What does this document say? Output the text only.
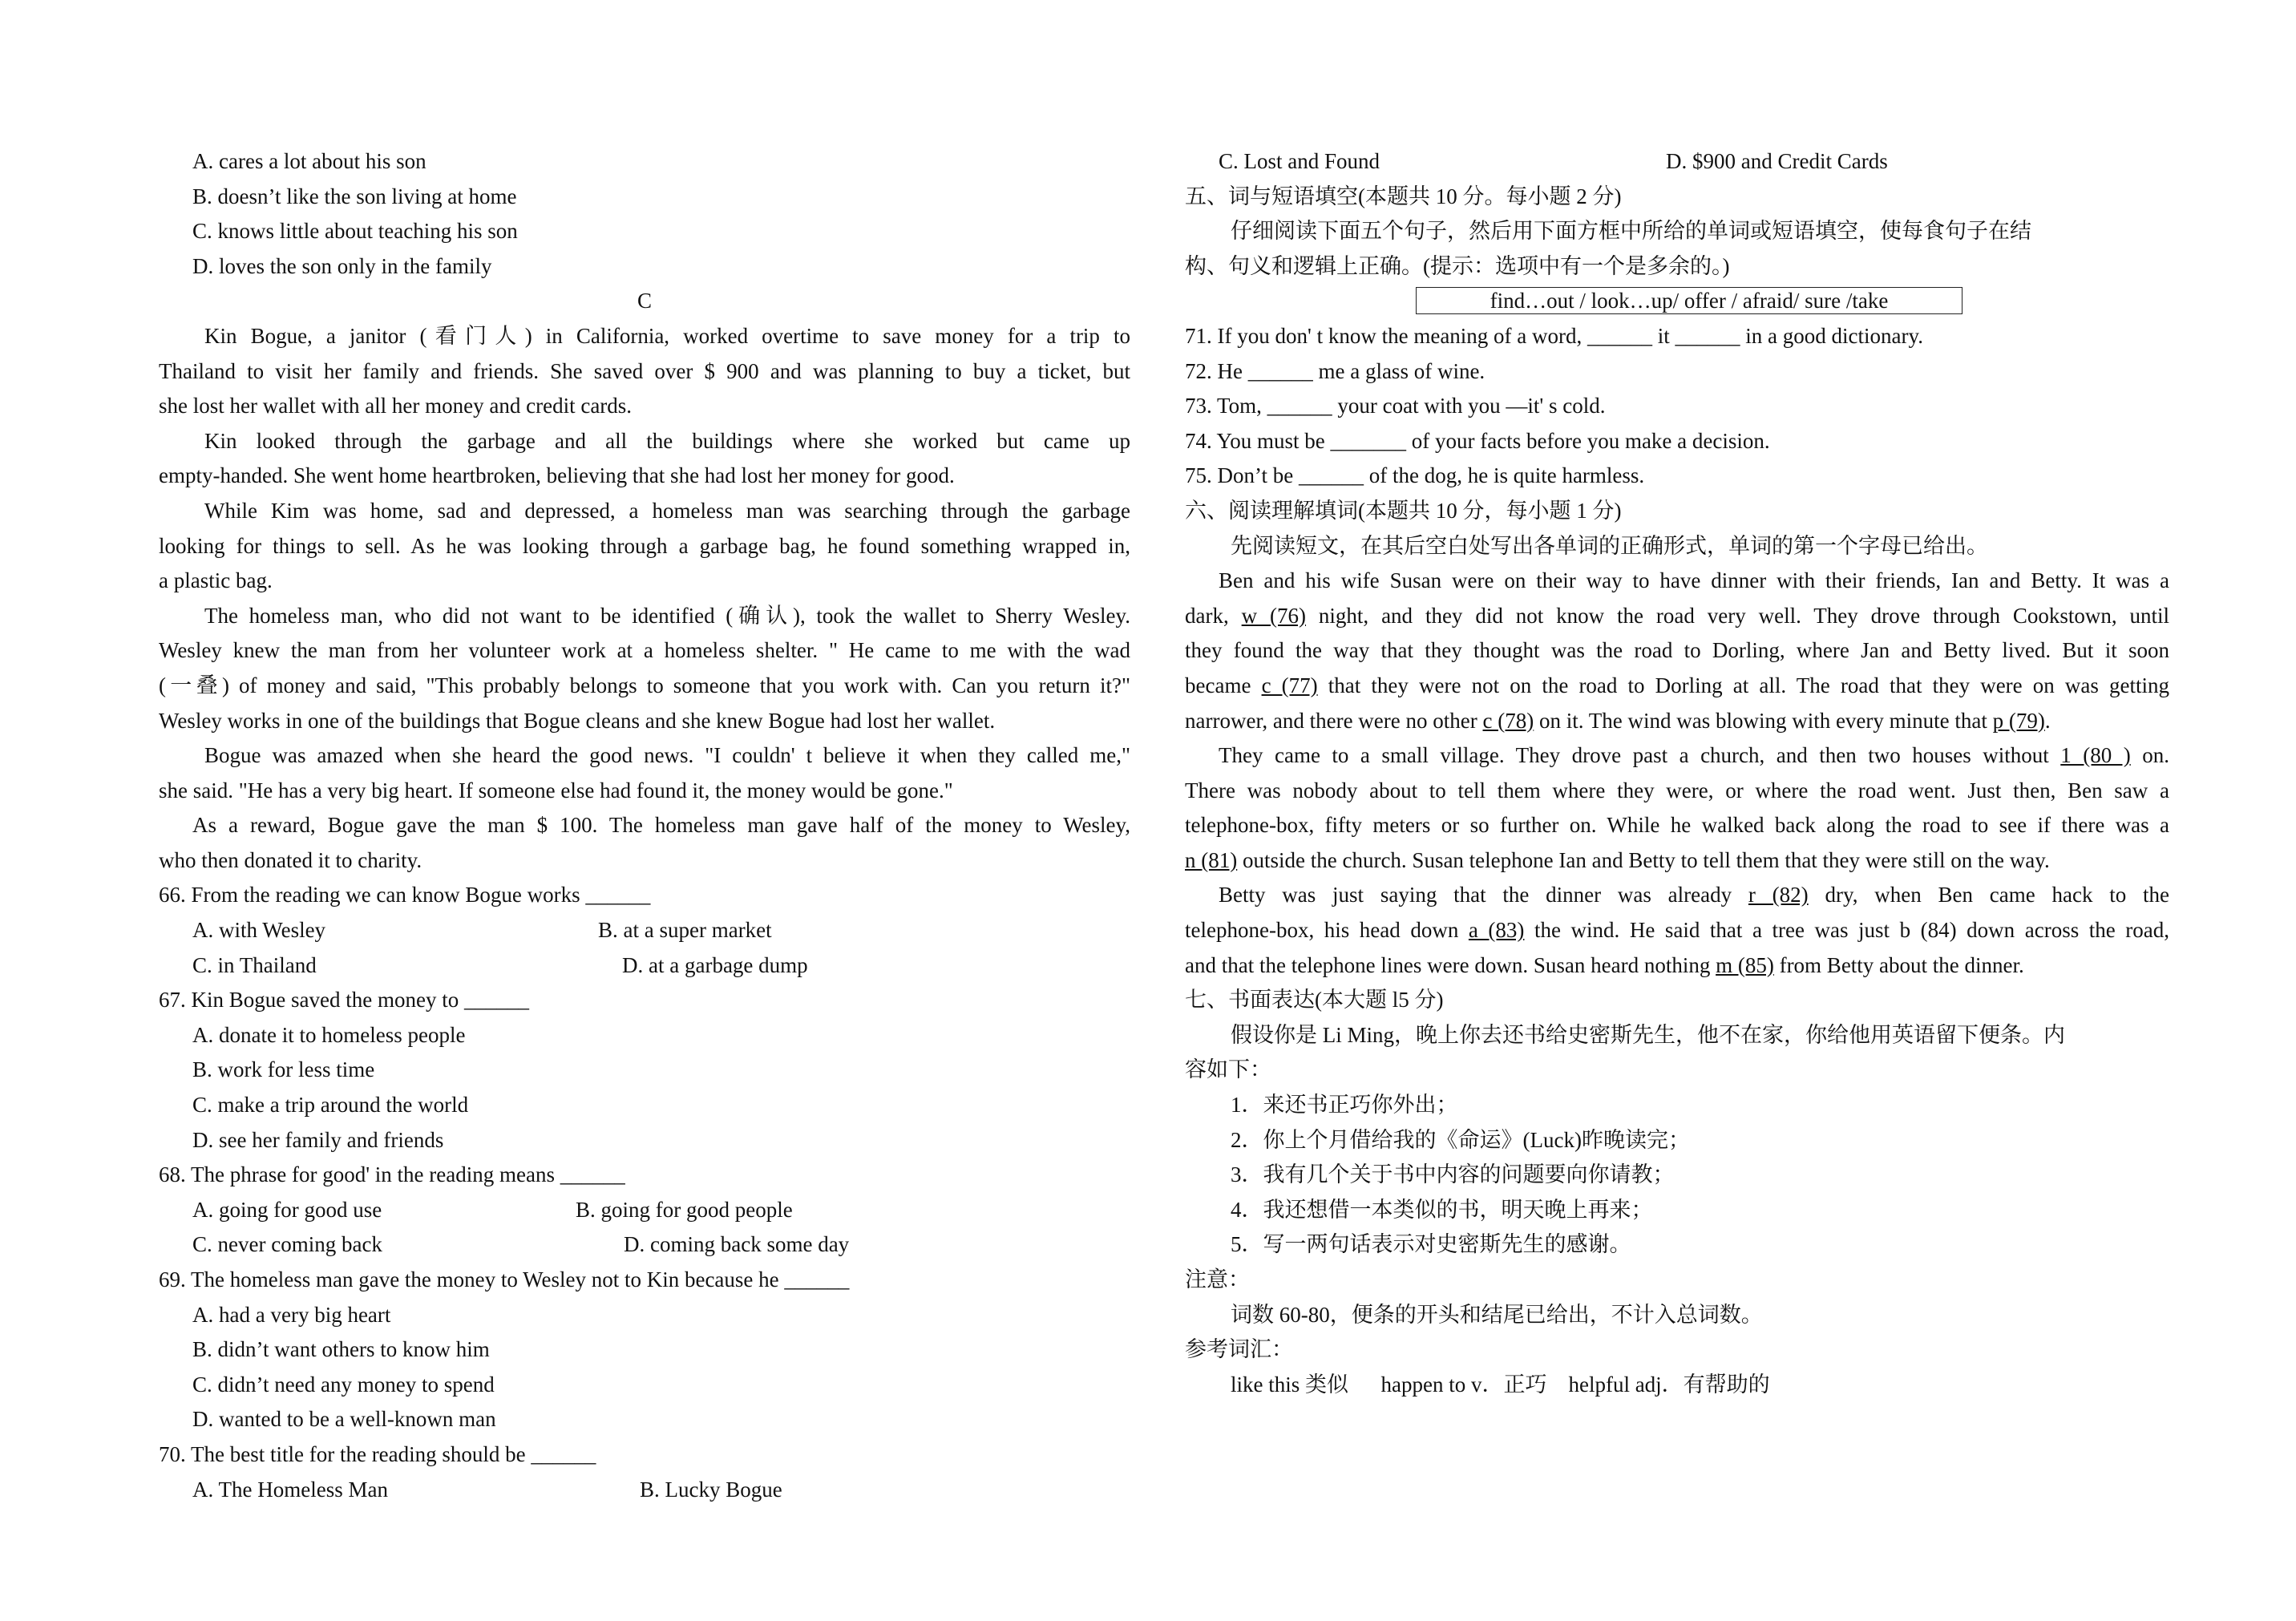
A. cares a lot about his son
B. doesn’t like the son living at home
C. knows little about teaching his son
D. loves the son only in the family
C
Kin Bogue, a janitor (看门人) in California, worked overtime to save money for a trip to
Thailand to visit her family and friends. She saved over $ 900 and was planning to buy a ticket, but
she lost her wallet with all her money and credit cards.
Kin looked through the garbage and all the buildings where she worked but came up
empty-handed. She went home heartbroken, believing that she had lost her money for good.
While Kim was home, sad and depressed, a homeless man was searching through the garbage
looking for things to sell. As he was looking through a garbage bag, he found something wrapped in,
a plastic bag.
The homeless man, who did not want to be identified (确认), took the wallet to Sherry Wesley.
Wesley knew the man from her volunteer work at a homeless shelter. " He came to me with the wad
(一叠) of money and said, "This probably belongs to someone that you work with. Can you return it?"
Wesley works in one of the buildings that Bogue cleans and she knew Bogue had lost her wallet.
Bogue was amazed when she heard the good news. "I couldn' t believe it when they called me,"
she said. "He has a very big heart. If someone else had found it, the money would be gone."
As a reward, Bogue gave the man $ 100. The homeless man gave half of the money to Wesley,
who then donated it to charity.
66. From the reading we can know Bogue works ______
A. with Wesley	B. at a super market
C. in Thailand	D. at a garbage dump
67. Kin Bogue saved the money to ______
A. donate it to homeless people
B. work for less time
C. make a trip around the world
D. see her family and friends
68. The phrase for good' in the reading means ______
A. going for good use	B. going for good people
C. never coming back	D. coming back some day
69. The homeless man gave the money to Wesley not to Kin because he ______
A. had a very big heart
B. didn’t want others to know him
C. didn’t need any money to spend
D. wanted to be a well-known man
70. The best title for the reading should be ______
A. The Homeless Man	B. Lucky Bogue
C. Lost and Found	D. $900 and Credit Cards
五、词与短语填空(本题共 10 分。每小题 2 分)
仔细阅读下面五个句子，然后用下面方框中所给的单词或短语填空，使每食句子在结
构、句义和逻辑上正确。(提示：选项中有一个是多余的。)
find…out / look…up/ offer / afraid/ sure /take
71. If you don' t know the meaning of a word, ______ it ______ in a good dictionary.
72. He ______ me a glass of wine.
73. Tom, ______ your coat with you —it' s cold.
74. You must be _______ of your facts before you make a decision.
75. Don’t be ______ of the dog, he is quite harmless.
六、阅读理解填词(本题共 10 分，每小题 1 分)
先阅读短文，在其后空白处写出各单词的正确形式，单词的第一个字母已给出。
Ben and his wife Susan were on their way to have dinner with their friends, Ian and Betty. It was a
dark, w (76) night, and they did not know the road very well. They drove through Cookstown, until
they found the way that they thought was the road to Dorling, where Jan and Betty lived. But it soon
became c (77) that they were not on the road to Dorling at all. The road that they were on was getting
narrower, and there were no other c (78) on it. The wind was blowing with every minute that p (79).
They came to a small village. They drove past a church, and then two houses without 1 (80 ) on.
There was nobody about to tell them where they were, or where the road went. Just then, Ben saw a
telephone-box, fifty meters or so further on. While he walked back along the road to see if there was a
n (81) outside the church. Susan telephone Ian and Betty to tell them that they were still on the way.
Betty was just saying that the dinner was already r (82) dry, when Ben came hack to the
telephone-box, his head down a (83) the wind. He said that a tree was just b (84) down across the road,
and that the telephone lines were down. Susan heard nothing m (85) from Betty about the dinner.
七、书面表达(本大题 l5 分)
假设你是 Li Ming，晚上你去还书给史密斯先生，他不在家，你给他用英语留下便条。内
容如下：
1．来还书正巧你外出；
2．你上个月借给我的《命运》(Luck)昨晚读完；
3．我有几个关于书中内容的问题要向你请教；
4．我还想借一本类似的书，明天晚上再来；
5．写一两句话表示对史密斯先生的感谢。
注意：
词数 60-80，便条的开头和结尾已给出，不计入总词数。
参考词汇：
like this 类似      happen to v．正巧    helpful adj．有帮助的
